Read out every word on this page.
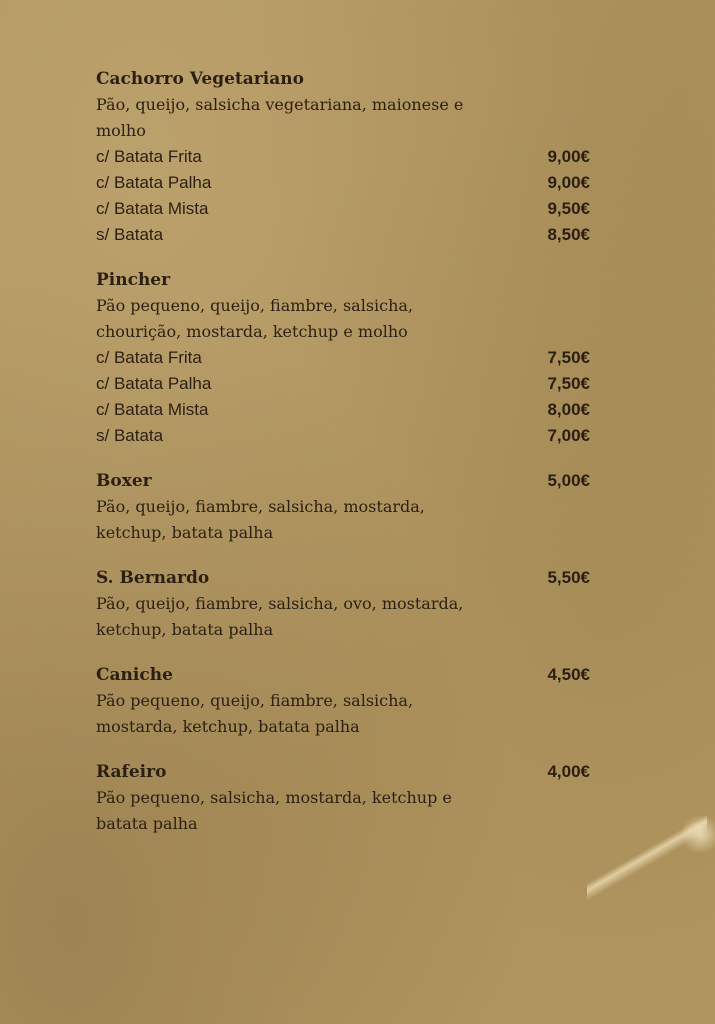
Cachorro Vegetariano
Pão, queijo, salsicha vegetariana, maionese e molho
c/ Batata Frita	9,00€
c/ Batata Palha	9,00€
c/ Batata Mista	9,50€
s/ Batata	8,50€
Pincher
Pão pequeno, queijo, fiambre, salsicha, chourição, mostarda, ketchup e molho
c/ Batata Frita	7,50€
c/ Batata Palha	7,50€
c/ Batata Mista	8,00€
s/ Batata	7,00€
Boxer	5,00€
Pão, queijo, fiambre, salsicha, mostarda, ketchup, batata palha
S. Bernardo	5,50€
Pão, queijo, fiambre, salsicha, ovo, mostarda, ketchup, batata palha
Caniche	4,50€
Pão pequeno, queijo, fiambre, salsicha, mostarda, ketchup, batata palha
Rafeiro	4,00€
Pão pequeno, salsicha, mostarda, ketchup e batata palha
